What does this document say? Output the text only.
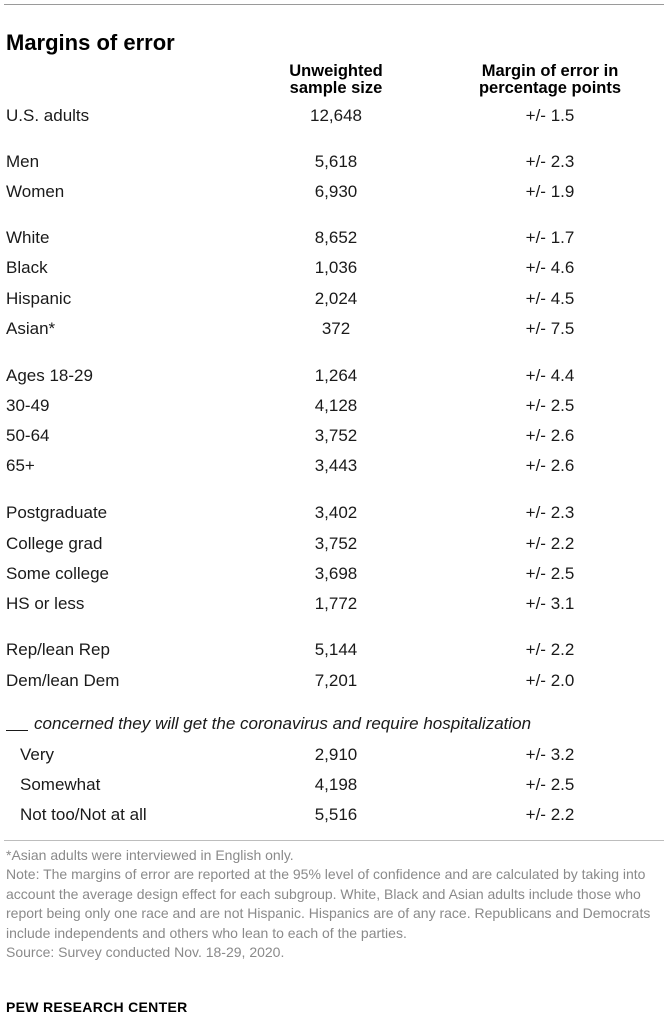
Margins of error
Unweighted
sample size
Margin of error in
percentage points
U.S. adults	12,648	+/- 1.5
Men	5,618	+/- 2.3
Women	6,930	+/- 1.9
White	8,652	+/- 1.7
Black	1,036	+/- 4.6
Hispanic	2,024	+/- 4.5
Asian*	372	+/- 7.5
Ages 18-29	1,264	+/- 4.4
30-49	4,128	+/- 2.5
50-64	3,752	+/- 2.6
65+	3,443	+/- 2.6
Postgraduate	3,402	+/- 2.3
College grad	3,752	+/- 2.2
Some college	3,698	+/- 2.5
HS or less	1,772	+/- 3.1
Rep/lean Rep	5,144	+/- 2.2
Dem/lean Dem	7,201	+/- 2.0
concerned they will get the coronavirus and require hospitalization
Very	2,910	+/- 3.2
Somewhat	4,198	+/- 2.5
Not too/Not at all	5,516	+/- 2.2

*Asian adults were interviewed in English only.

Note: The margins of error are reported at the 95% level of confidence and are calculated by taking into account the average design effect for each subgroup. White, Black and Asian adults include those who report being only one race and are not Hispanic. Hispanics are of any race. Republicans and Democrats include independents and others who lean to each of the parties.

Source: Survey conducted Nov. 18-29, 2020.

PEW RESEARCH CENTER
